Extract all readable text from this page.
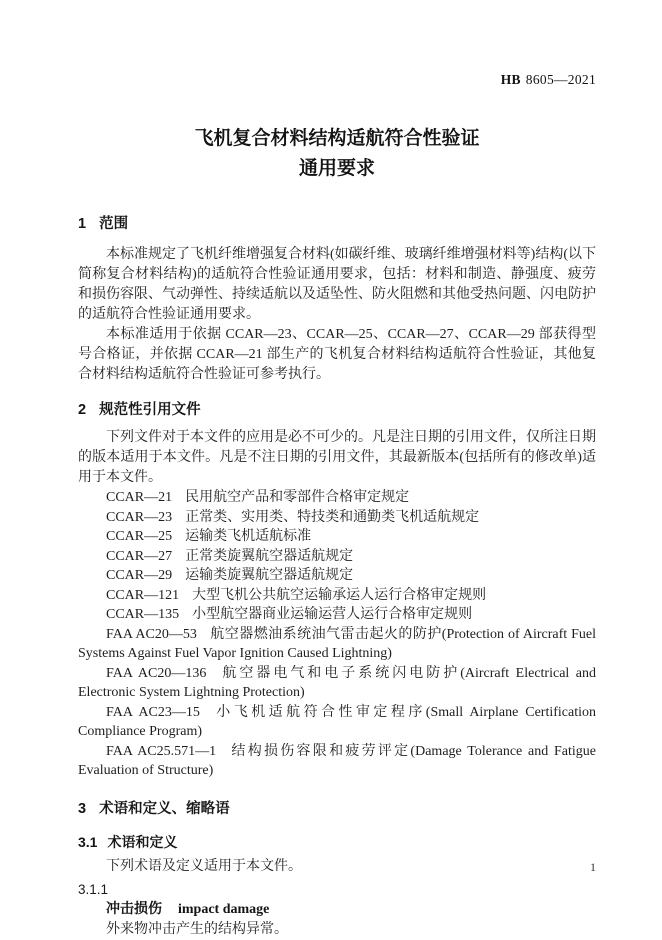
HB 8605—2021
飞机复合材料结构适航符合性验证
通用要求
1 范围

本标准规定了飞机纤维增强复合材料(如碳纤维、玻璃纤维增强材料等)结构(以下简称复合材料结构)的适航符合性验证通用要求，包括：材料和制造、静强度、疲劳和损伤容限、气动弹性、持续适航以及适坠性、防火阻燃和其他受热问题、闪电防护的适航符合性验证通用要求。

本标准适用于依据 CCAR—23、CCAR—25、CCAR—27、CCAR—29 部获得型号合格证，并依据 CCAR—21 部生产的飞机复合材料结构适航符合性验证，其他复合材料结构适航符合性验证可参考执行。

2 规范性引用文件

下列文件对于本文件的应用是必不可少的。凡是注日期的引用文件，仅所注日期的版本适用于本文件。凡是不注日期的引用文件，其最新版本(包括所有的修改单)适用于本文件。

CCAR—21 民用航空产品和零部件合格审定规定

CCAR—23 正常类、实用类、特技类和通勤类飞机适航规定

CCAR—25 运输类飞机适航标准

CCAR—27 正常类旋翼航空器适航规定

CCAR—29 运输类旋翼航空器适航规定

CCAR—121 大型飞机公共航空运输承运人运行合格审定规则

CCAR—135 小型航空器商业运输运营人运行合格审定规则

FAA AC20—53 航空器燃油系统油气雷击起火的防护(Protection of Aircraft Fuel Systems Against Fuel Vapor Ignition Caused Lightning)

FAA AC20—136 航空器电气和电子系统闪电防护(Aircraft Electrical and Electronic System Lightning Protection)

FAA AC23—15 小飞机适航符合性审定程序(Small Airplane Certification Compliance Program)

FAA AC25.571—1 结构损伤容限和疲劳评定(Damage Tolerance and Fatigue Evaluation of Structure)

3 术语和定义、缩略语
3.1 术语和定义

下列术语及定义适用于本文件。

3.1.1

冲击损伤 impact damage

外来物冲击产生的结构异常。

1
